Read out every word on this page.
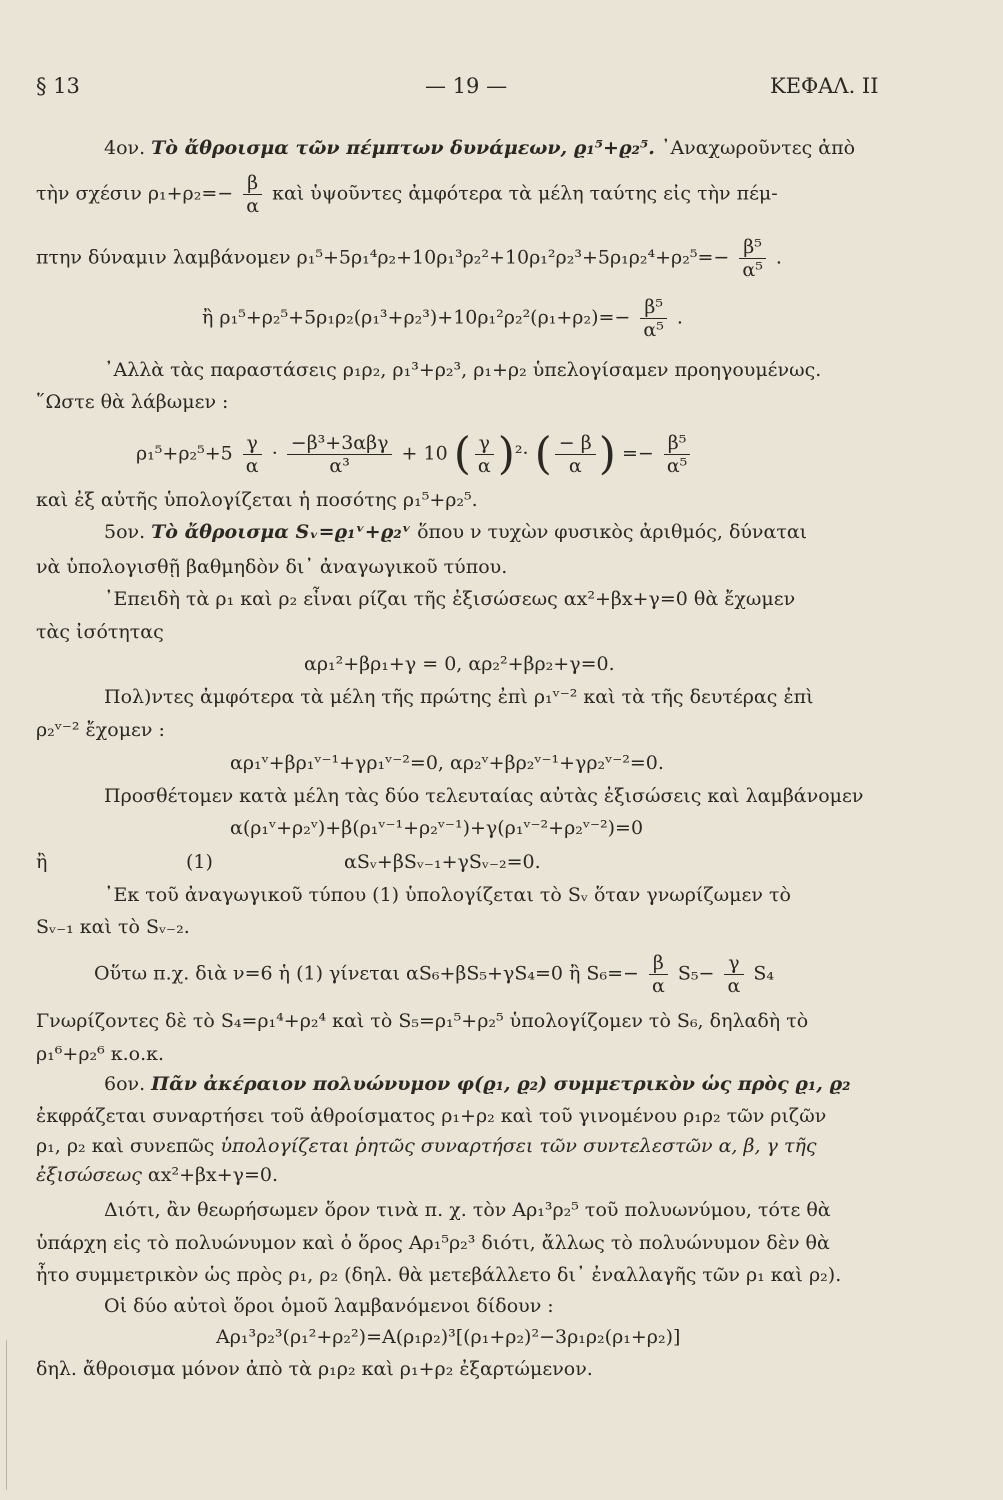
§ 13	— 19 —	ΚΕΦΑΛ. II
4ον. Τὸ ἄθροισμα τῶν πέμπτων δυνάμεων, ϱ₁⁵+ϱ₂⁵. ᾿Αναχωροῦντες ἀπὸ
τὴν σχέσιν $\rho_1+\rho_2=- \frac{\beta}{\alpha}$ καὶ ὑψοῦντες ἀμφότερα τὰ μέλη ταύτης εἰς τὴν πέμ-
πτην δύναμιν λαμβάνομεν $\rho_1^5+5\rho_1^4\rho_2+10\rho_1^3\rho_2^2+10\rho_1^2\rho_2^3+5\rho_1\rho_2^4+\rho_2^5=- \frac{\text{β⁵}}{\text{α⁵}}$ .
ἢ $\rho_1^5+\rho_2^5+5\rho_1\rho_2(\rho_1^3+\rho_2^3)+10\rho_1^2\rho_2^2(\rho_1+\rho_2)=- \frac{\text{β⁵}}{\text{α⁵}}$ .
᾿Αλλὰ τὰς παραστάσεις ρ₁ρ₂, ρ₁³+ρ₂³, ρ₁+ρ₂ ὑπελογίσαμεν προηγουμένως.
῞Ωστε θὰ λάβωμεν :
$\rho_1^5+\rho_2^5+5 \frac{\gamma}{\alpha} \cdot \frac{\text{−β³+3αβγ}}{\text{α³}} + 10$ ( $\frac{\gamma}{\alpha} )^2\cdot$ ( $\frac{- \beta}{\alpha}$ ) =− $\frac{\text{β⁵}}{\text{α⁵}}$
καὶ ἐξ αὐτῆς ὑπολογίζεται ἡ ποσότης ρ₁⁵+ρ₂⁵.
5ον. Τὸ ἄθροισμα Sᵥ=ϱ₁ᵛ+ϱ₂ᵛ ὅπου ν τυχὼν φυσικὸς ἀριθμός, δύναται
νὰ ὑπολογισθῇ βαθμηδὸν δι᾿ ἀναγωγικοῦ τύπου.
᾿Επειδὴ τὰ ρ₁ καὶ ρ₂ εἶναι ρίζαι τῆς ἐξισώσεως αx²+βx+γ=0 θὰ ἔχωμεν
τὰς ἰσότητας
αρ₁²+βρ₁+γ = 0, αρ₂²+βρ₂+γ=0.
Πολ)ντες ἀμφότερα τὰ μέλη τῆς πρώτης ἐπὶ ρ₁ᵛ⁻² καὶ τὰ τῆς δευτέρας ἐπὶ
ρ₂ᵛ⁻² ἔχομεν :
αρ₁ᵛ+βρ₁ᵛ⁻¹+γρ₁ᵛ⁻²=0, αρ₂ᵛ+βρ₂ᵛ⁻¹+γρ₂ᵛ⁻²=0.
Προσθέτομεν κατὰ μέλη τὰς δύο τελευταίας αὐτὰς ἐξισώσεις καὶ λαμβάνομεν
α(ρ₁ᵛ+ρ₂ᵛ)+β(ρ₁ᵛ⁻¹+ρ₂ᵛ⁻¹)+γ(ρ₁ᵛ⁻²+ρ₂ᵛ⁻²)=0
ἢ	(1)	αSᵥ+βSᵥ₋₁+γSᵥ₋₂=0.
᾿Εκ τοῦ ἀναγωγικοῦ τύπου (1) ὑπολογίζεται τὸ Sᵥ ὅταν γνωρίζωμεν τὸ
Sᵥ₋₁ καὶ τὸ Sᵥ₋₂.
Οὕτω π.χ. διὰ ν=6 ἡ (1) γίνεται αS₆+βS₅+γS₄=0 ἢ $S_6=- \frac{\beta}{\alpha} S_5- \frac{\gamma}{\alpha} S_4$
Γνωρίζοντες δὲ τὸ S₄=ρ₁⁴+ρ₂⁴ καὶ τὸ S₅=ρ₁⁵+ρ₂⁵ ὑπολογίζομεν τὸ S₆, δηλαδὴ τὸ
ρ₁⁶+ρ₂⁶ κ.ο.κ.
6ον. Πᾶν ἀκέραιον πολυώνυμον φ(ϱ₁, ϱ₂) συμμετρικὸν ὡς πρὸς ϱ₁, ϱ₂
ἐκφράζεται συναρτήσει τοῦ ἀθροίσματος ρ₁+ρ₂ καὶ τοῦ γινομένου ρ₁ρ₂ τῶν ριζῶν
ρ₁, ρ₂ καὶ συνεπῶς ὑπολογίζεται ῥητῶς συναρτήσει τῶν συντελεστῶν α, β, γ τῆς
ἐξισώσεως αx²+βx+γ=0.
Διότι, ἂν θεωρήσωμεν ὅρον τινὰ π. χ. τὸν Αρ₁³ρ₂⁵ τοῦ πολυωνύμου, τότε θὰ
ὑπάρχη εἰς τὸ πολυώνυμον καὶ ὁ ὅρος Αρ₁⁵ρ₂³ διότι, ἄλλως τὸ πολυώνυμον δὲν θὰ
ἦτο συμμετρικὸν ὡς πρὸς ρ₁, ρ₂ (δηλ. θὰ μετεβάλλετο δι᾿ ἐναλλαγῆς τῶν ρ₁ καὶ ρ₂).
Οἱ δύο αὐτοὶ ὅροι ὁμοῦ λαμβανόμενοι δίδουν :
Αρ₁³ρ₂³(ρ₁²+ρ₂²)=Α(ρ₁ρ₂)³[(ρ₁+ρ₂)²−3ρ₁ρ₂(ρ₁+ρ₂)]
δηλ. ἄθροισμα μόνον ἀπὸ τὰ ρ₁ρ₂ καὶ ρ₁+ρ₂ ἐξαρτώμενον.
